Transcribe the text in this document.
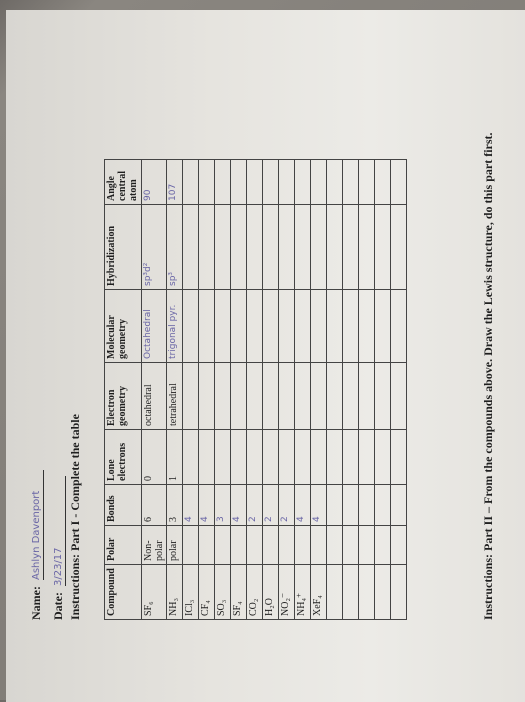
Name:
Ashlyn Davenport
Date:
3/23/17 Instructions: Part I - Complete the table Compound	Polar	Bonds	Lone electrons	Electron geometry	Molecular geometry	Hybridization	Angle central atom
SF₆	Non-polar	6	0	octahedral	Octahedral	sp³d²	90
NH₃	polar	3	1	tetrahedral	trigonal pyr.	sp³	107
ICl₃		4					
CF₄		4					
SO₃		3					
SF₄		4					
CO₂		2					
H₂O		2					
NO₂⁻		2					
NH₄⁺		4					
XeF₄		4					

								Instructions: Part II – From the compounds above. Draw the Lewis structure, do this part first.
